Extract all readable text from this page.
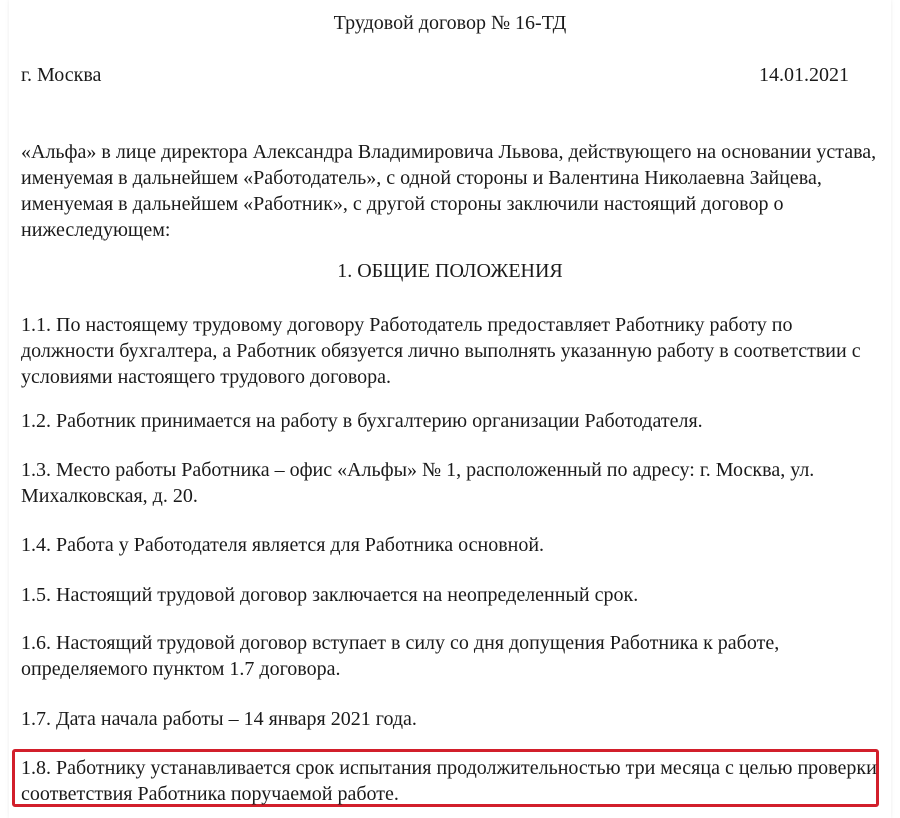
Трудовой договор № 16-ТД
г. Москва	14.01.2021

«Альфа» в лице директора Александра Владимировича Львова, действующего на основании устава, именуемая в дальнейшем «Работодатель», с одной стороны и Валентина Николаевна Зайцева, именуемая в дальнейшем «Работник», с другой стороны заключили настоящий договор о нижеследующем:

1. ОБЩИЕ ПОЛОЖЕНИЯ

1.1. По настоящему трудовому договору Работодатель предоставляет Работнику работу по должности бухгалтера, а Работник обязуется лично выполнять указанную работу в соответствии с условиями настоящего трудового договора.

1.2. Работник принимается на работу в бухгалтерию организации Работодателя.

1.3. Место работы Работника – офис «Альфы» № 1, расположенный по адресу: г. Москва, ул. Михалковская, д. 20.

1.4. Работа у Работодателя является для Работника основной.

1.5. Настоящий трудовой договор заключается на неопределенный срок.

1.6. Настоящий трудовой договор вступает в силу со дня допущения Работника к работе, определяемого пунктом 1.7 договора.

1.7. Дата начала работы – 14 января 2021 года.

1.8. Работнику устанавливается срок испытания продолжительностью три месяца с целью проверки соответствия Работника поручаемой работе.
